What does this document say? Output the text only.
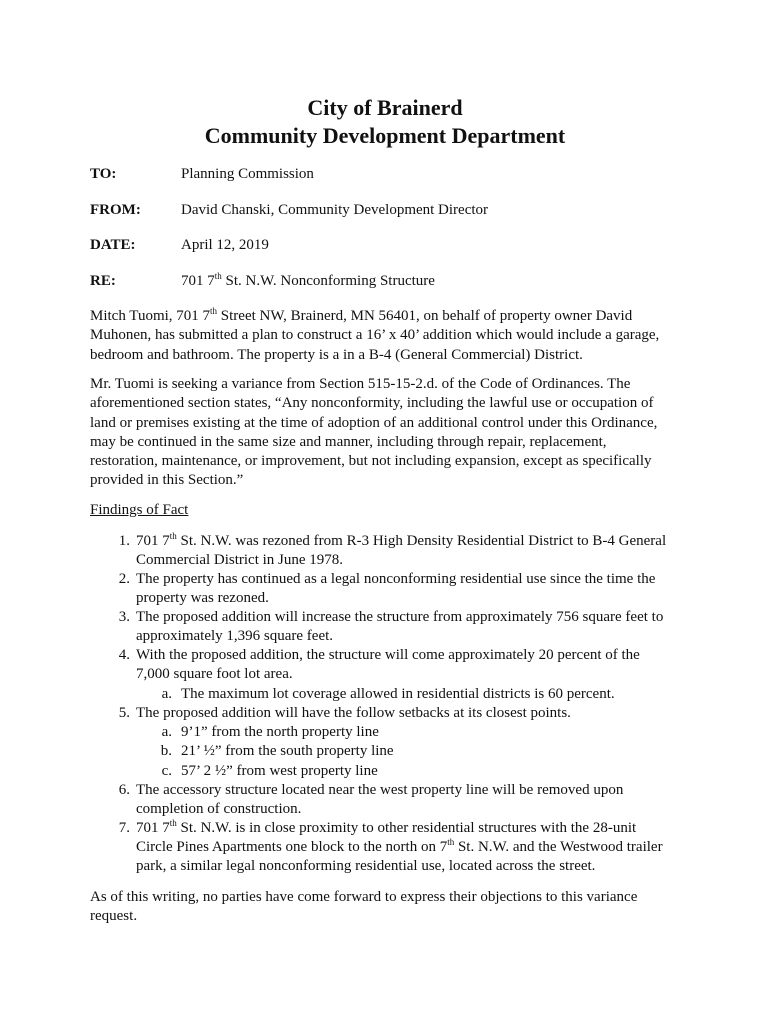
City of Brainerd
Community Development Department
TO:	Planning Commission
FROM:	David Chanski, Community Development Director
DATE:	April 12, 2019
RE:	701 7th St. N.W. Nonconforming Structure

Mitch Tuomi, 701 7th Street NW, Brainerd, MN 56401, on behalf of property owner David
Muhonen, has submitted a plan to construct a 16’ x 40’ addition which would include a garage,
bedroom and bathroom. The property is a in a B-4 (General Commercial) District.

Mr. Tuomi is seeking a variance from Section 515-15-2.d. of the Code of Ordinances. The
aforementioned section states, “Any nonconformity, including the lawful use or occupation of
land or premises existing at the time of adoption of an additional control under this Ordinance,
may be continued in the same size and manner, including through repair, replacement,
restoration, maintenance, or improvement, but not including expansion, except as specifically
provided in this Section.”

Findings of Fact
1. 701 7th St. N.W. was rezoned from R-3 High Density Residential District to B-4 General
Commercial District in June 1978.
2. The property has continued as a legal nonconforming residential use since the time the
property was rezoned.
3. The proposed addition will increase the structure from approximately 756 square feet to
approximately 1,396 square feet.
4. With the proposed addition, the structure will come approximately 20 percent of the
7,000 square foot lot area.
a. The maximum lot coverage allowed in residential districts is 60 percent.
5. The proposed addition will have the follow setbacks at its closest points.
a. 9’1” from the north property line
b. 21’ ½” from the south property line
c. 57’ 2 ½” from west property line
6. The accessory structure located near the west property line will be removed upon
completion of construction.
7. 701 7th St. N.W. is in close proximity to other residential structures with the 28-unit
Circle Pines Apartments one block to the north on 7th St. N.W. and the Westwood trailer
park, a similar legal nonconforming residential use, located across the street.

As of this writing, no parties have come forward to express their objections to this variance
request.
